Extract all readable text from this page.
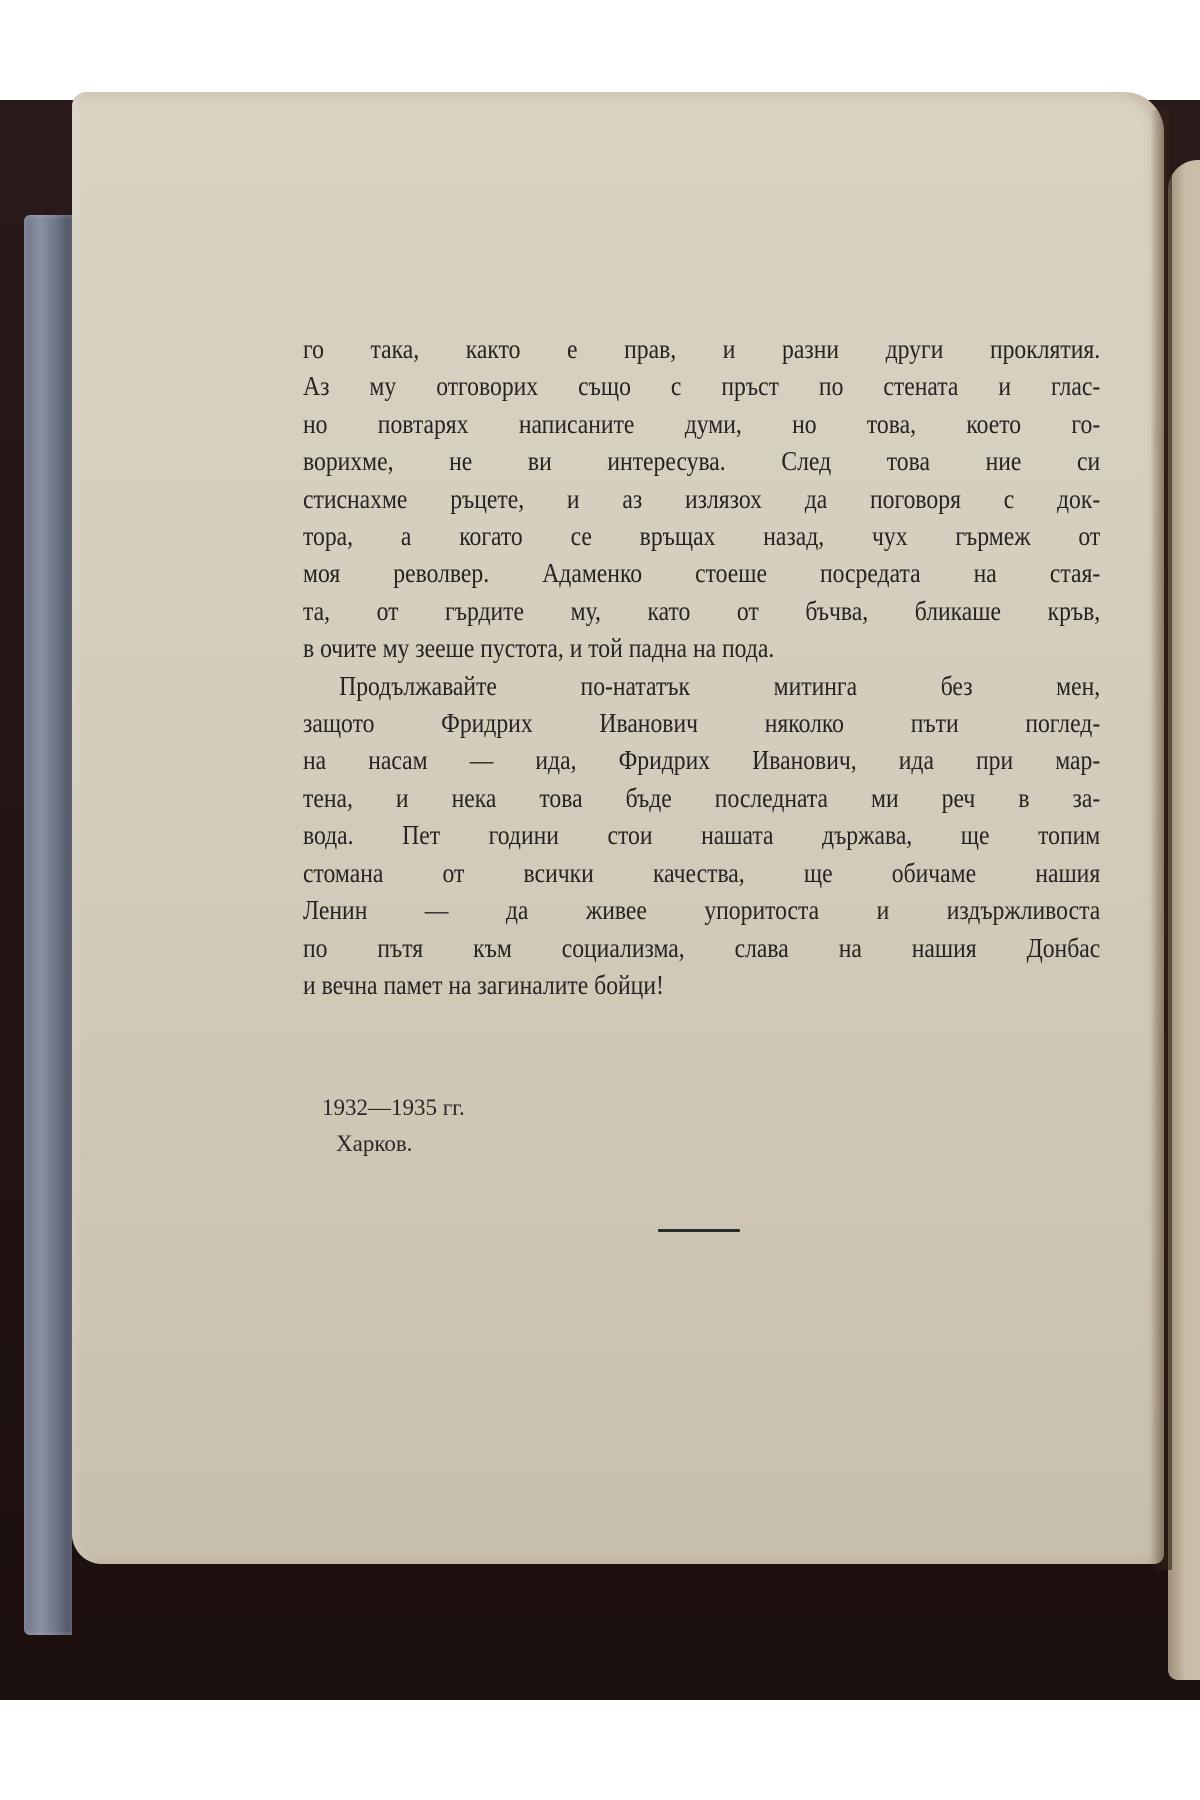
го така, както е прав, и разни други проклятия.
Аз му отговорих също с пръст по стената и глас-
но повтарях написаните думи, но това, което го-
ворихме, не ви интересува. След това ние си
стиснахме ръцете, и аз излязох да поговоря с док-
тора, а когато се връщах назад, чух гърмеж от
моя револвер. Адаменко стоеше посредата на стая-
та, от гърдите му, като от бъчва, бликаше кръв,
в очите му зееше пустота, и той падна на пода.
Продължавайте по-нататък митинга без мен,
защото Фридрих Иванович няколко пъти поглед-
на насам — ида, Фридрих Иванович, ида при мар-
тена, и нека това бъде последната ми реч в за-
вода. Пет години стои нашата държава, ще топим
стомана от всички качества, ще обичаме нашия
Ленин — да живее упоритоста и издържливоста
по пътя към социализма, слава на нашия Донбас
и вечна памет на загиналите бойци!
1932—1935 гг.
Харков.
